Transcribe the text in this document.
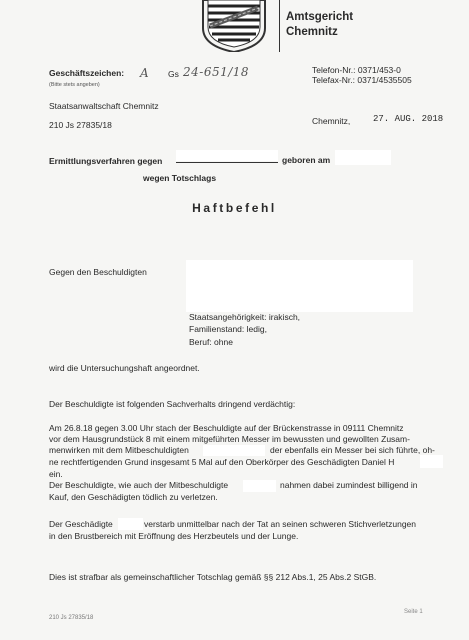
Amtsgericht
Chemnitz
Geschäftszeichen:
(Bitte stets angeben)
A Gs 24-651/18	Telefon-Nr.: 0371/453-0
Telefax-Nr.: 0371/4535505
Staatsanwaltschaft Chemnitz
210 Js 27835/18	Chemnitz,	27. AUG. 2018
Ermittlungsverfahren gegen	geboren am
wegen Totschlags
Haftbefehl
Gegen den Beschuldigten
Staatsangehörigkeit: irakisch,
Familienstand: ledig,
Beruf: ohne
wird die Untersuchungshaft angeordnet.
Der Beschuldigte ist folgenden Sachverhalts dringend verdächtig:
Am 26.8.18 gegen 3.00 Uhr stach der Beschuldigte auf der Brückenstrasse in 09111 Chemnitz
vor dem Hausgrundstück 8 mit einem mitgeführten Messer im bewussten und gewollten Zusam-
menwirken mit dem Mitbeschuldigten	der ebenfalls ein Messer bei sich führte, oh-
ne rechtfertigenden Grund insgesamt 5 Mal auf den Oberkörper des Geschädigten Daniel H
ein.
Der Beschuldigte, wie auch der Mitbeschuldigte	nahmen dabei zumindest billigend in
Kauf, den Geschädigten tödlich zu verletzen.
Der Geschädigte	verstarb unmittelbar nach der Tat an seinen schweren Stichverletzungen
in den Brustbereich mit Eröffnung des Herzbeutels und der Lunge.
Dies ist strafbar als gemeinschaftlicher Totschlag gemäß §§ 212 Abs.1, 25 Abs.2 StGB.
210 Js 27835/18
Seite 1
